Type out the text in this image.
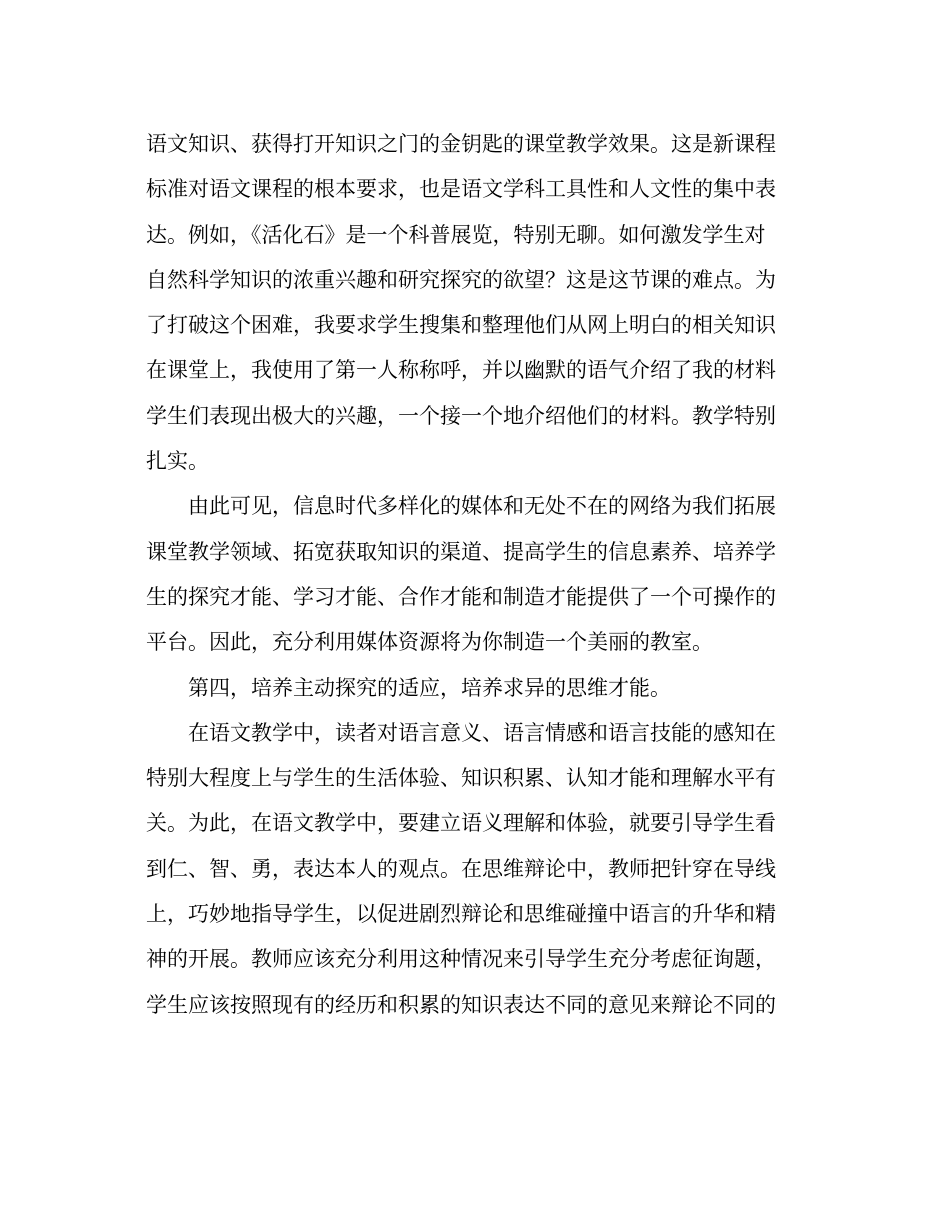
语文知识、获得打开知识之门的金钥匙的课堂教学效果。这是新课程
标准对语文课程的根本要求，也是语文学科工具性和人文性的集中表
达。例如，《活化石》是一个科普展览，特别无聊。如何激发学生对
自然科学知识的浓重兴趣和研究探究的欲望？这是这节课的难点。为
了打破这个困难，我要求学生搜集和整理他们从网上明白的相关知识
在课堂上，我使用了第一人称称呼，并以幽默的语气介绍了我的材料
学生们表现出极大的兴趣，一个接一个地介绍他们的材料。教学特别
扎实。
由此可见，信息时代多样化的媒体和无处不在的网络为我们拓展
课堂教学领域、拓宽获取知识的渠道、提高学生的信息素养、培养学
生的探究才能、学习才能、合作才能和制造才能提供了一个可操作的
平台。因此，充分利用媒体资源将为你制造一个美丽的教室。
第四，培养主动探究的适应，培养求异的思维才能。
在语文教学中，读者对语言意义、语言情感和语言技能的感知在
特别大程度上与学生的生活体验、知识积累、认知才能和理解水平有
关。为此，在语文教学中，要建立语义理解和体验，就要引导学生看
到仁、智、勇，表达本人的观点。在思维辩论中，教师把针穿在导线
上，巧妙地指导学生，以促进剧烈辩论和思维碰撞中语言的升华和精
神的开展。教师应该充分利用这种情况来引导学生充分考虑征询题，
学生应该按照现有的经历和积累的知识表达不同的意见来辩论不同的
